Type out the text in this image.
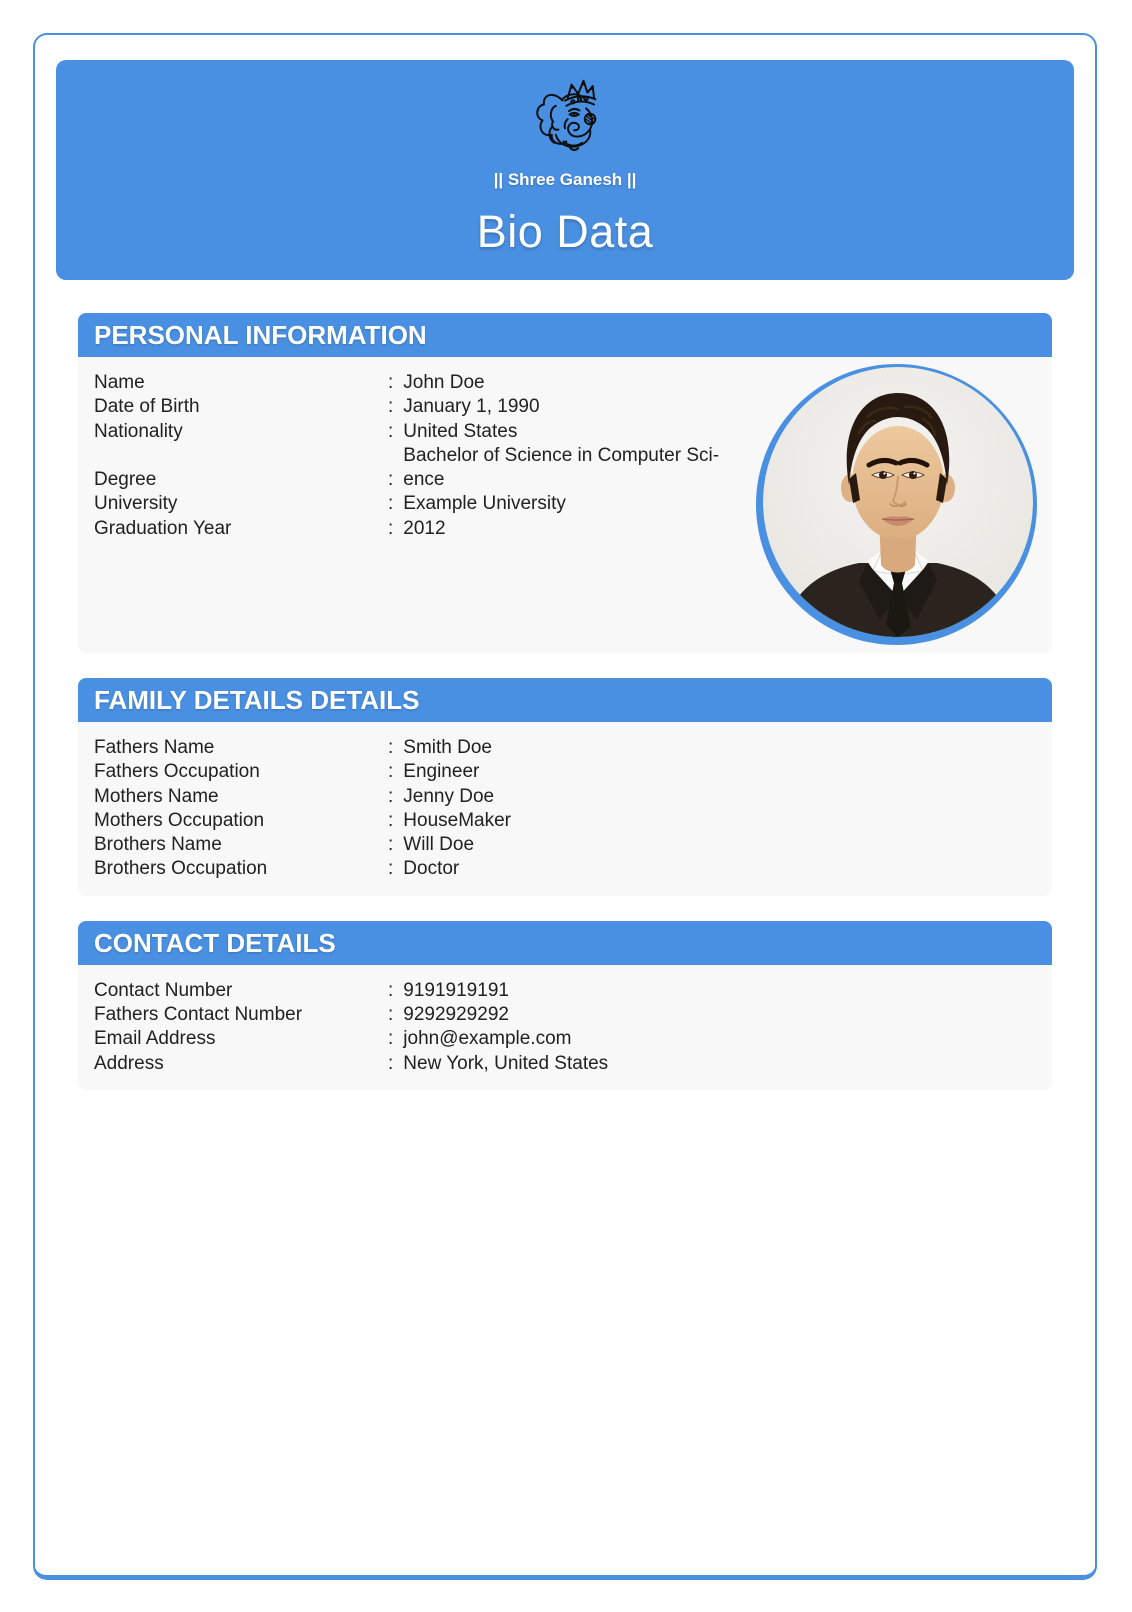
|| Shree Ganesh ||
Bio Data
PERSONAL INFORMATION
Name	: John Doe
Date of Birth	: January 1, 1990
Nationality	: United States
Degree	:
Bachelor of Science in Computer Science
University	: Example University
Graduation Year	: 2012
FAMILY DETAILS DETAILS
Fathers Name	: Smith Doe
Fathers Occupation	: Engineer
Mothers Name	: Jenny Doe
Mothers Occupation	: HouseMaker
Brothers Name	: Will Doe
Brothers Occupation	: Doctor
CONTACT DETAILS
Contact Number	: 9191919191
Fathers Contact Number	: 9292929292
Email Address	: john@example.com
Address	: New York, United States
